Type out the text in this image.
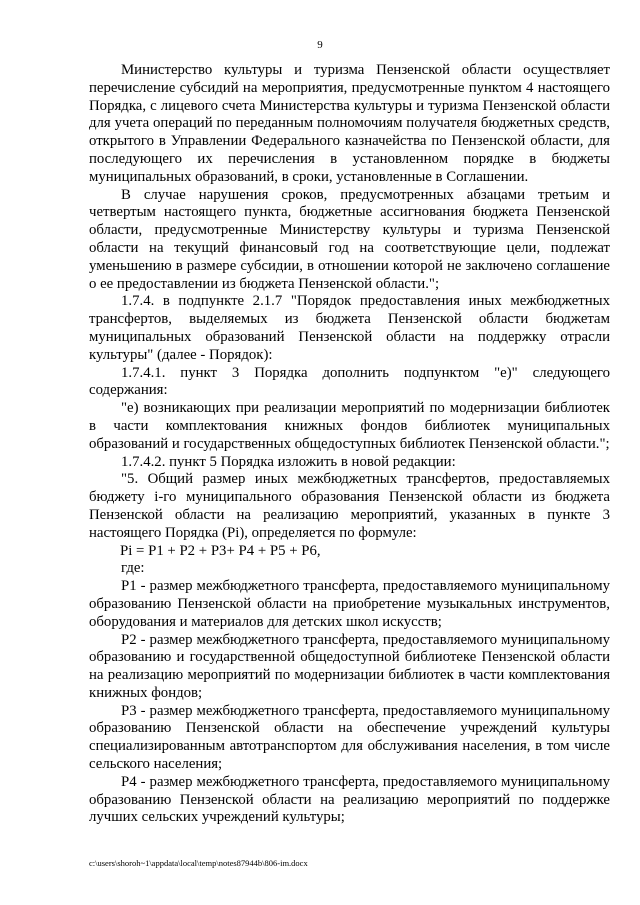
9

Министерство культуры и туризма Пензенской области осуществляет перечисление субсидий на мероприятия, предусмотренные пунктом 4 настоящего Порядка, с лицевого счета Министерства культуры и туризма Пензенской области для учета операций по переданным полномочиям получателя бюджетных средств, открытого в Управлении Федерального казначейства по Пензенской области, для последующего их перечисления в установленном порядке в бюджеты муниципальных образований, в сроки, установленные в Соглашении.

В случае нарушения сроков, предусмотренных абзацами третьим и четвертым настоящего пункта, бюджетные ассигнования бюджета Пензенской области, предусмотренные Министерству культуры и туризма Пензенской области на текущий финансовый год на соответствующие цели, подлежат уменьшению в размере субсидии, в отношении которой не заключено соглашение о ее предоставлении из бюджета Пензенской области.";

1.7.4. в подпункте 2.1.7 "Порядок предоставления иных межбюджетных трансфертов, выделяемых из бюджета Пензенской области бюджетам муниципальных образований Пензенской области на поддержку отрасли культуры" (далее - Порядок):

1.7.4.1. пункт 3 Порядка дополнить подпунктом "е)" следующего содержания:

"е) возникающих при реализации мероприятий по модернизации библиотек в части комплектования книжных фондов библиотек муниципальных образований и государственных общедоступных библиотек Пензенской области.";

1.7.4.2. пункт 5 Порядка изложить в новой редакции:

"5. Общий размер иных межбюджетных трансфертов, предоставляемых бюджету i-го муниципального образования Пензенской области из бюджета Пензенской области на реализацию мероприятий, указанных в пункте 3 настоящего Порядка (Pi), определяется по формуле:

Pi = P1 + P2 + P3+ P4 + P5 + P6,

где:

P1 - размер межбюджетного трансферта, предоставляемого муниципальному образованию Пензенской области на приобретение музыкальных инструментов, оборудования и материалов для детских школ искусств;

P2 - размер межбюджетного трансферта, предоставляемого муниципальному образованию и государственной общедоступной библиотеке Пензенской области на реализацию мероприятий по модернизации библиотек в части комплектования книжных фондов;

P3 - размер межбюджетного трансферта, предоставляемого муниципальному образованию Пензенской области на обеспечение учреждений культуры специализированным автотранспортом для обслуживания населения, в том числе сельского населения;

P4 - размер межбюджетного трансферта, предоставляемого муниципальному образованию Пензенской области на реализацию мероприятий по поддержке лучших сельских учреждений культуры;

c:\users\shoroh~1\appdata\local\temp\notes87944b\806-im.docx
